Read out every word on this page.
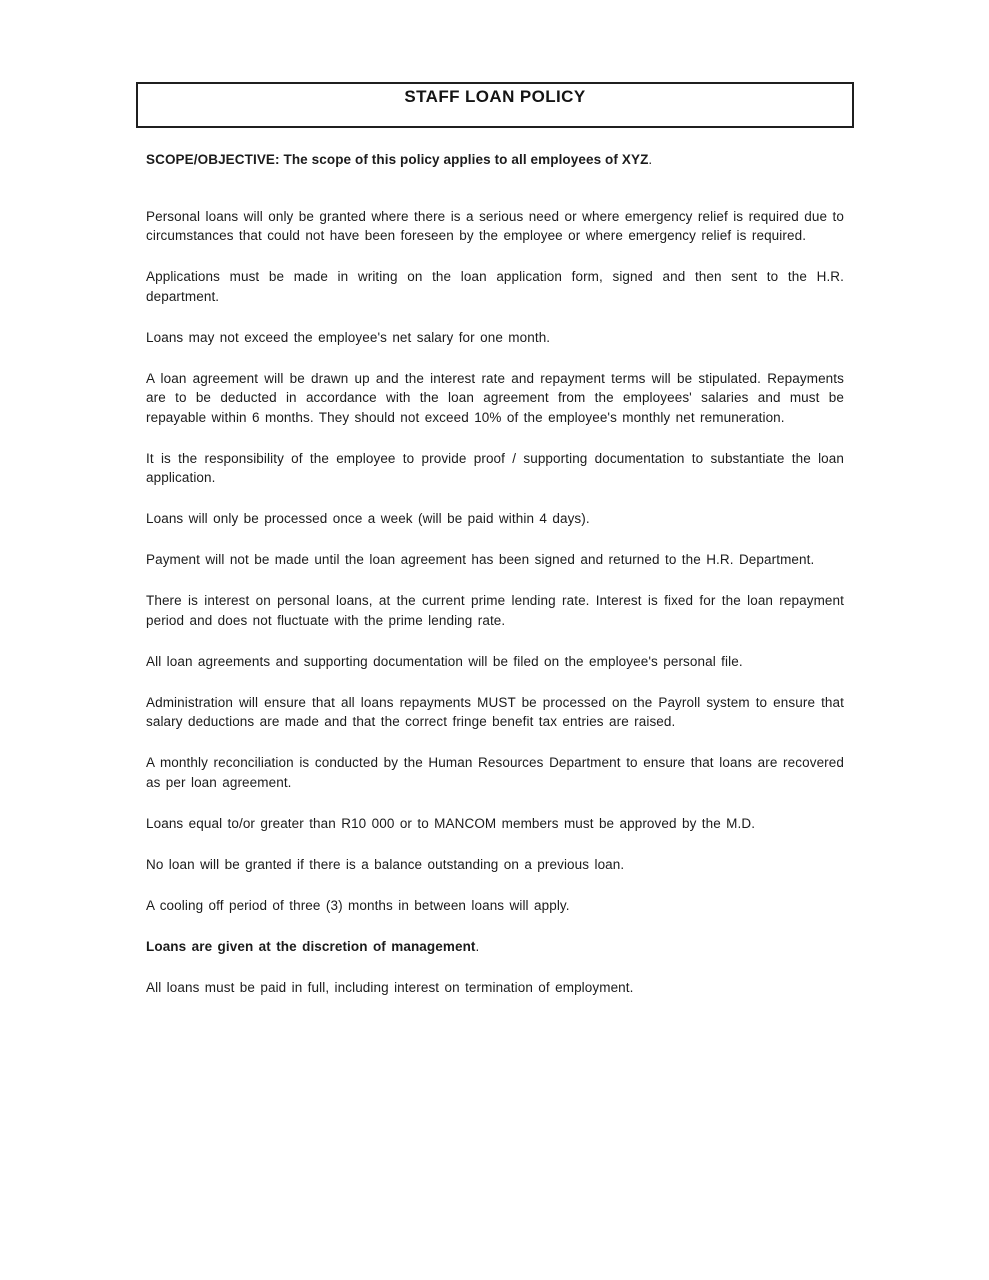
STAFF LOAN POLICY
SCOPE/OBJECTIVE: The scope of this policy applies to all employees of XYZ.

Personal loans will only be granted where there is a serious need or where emergency relief is required due to circumstances that could not have been foreseen by the employee or where emergency relief is required.

Applications must be made in writing on the loan application form, signed and then sent to the H.R. department.

Loans may not exceed the employee's net salary for one month.

A loan agreement will be drawn up and the interest rate and repayment terms will be stipulated. Repayments are to be deducted in accordance with the loan agreement from the employees' salaries and must be repayable within 6 months. They should not exceed 10% of the employee's monthly net remuneration.

It is the responsibility of the employee to provide proof / supporting documentation to substantiate the loan application.

Loans will only be processed once a week (will be paid within 4 days).

Payment will not be made until the loan agreement has been signed and returned to the H.R. Department.

There is interest on personal loans, at the current prime lending rate. Interest is fixed for the loan repayment period and does not fluctuate with the prime lending rate.

All loan agreements and supporting documentation will be filed on the employee's personal file.

Administration will ensure that all loans repayments MUST be processed on the Payroll system to ensure that salary deductions are made and that the correct fringe benefit tax entries are raised.

A monthly reconciliation is conducted by the Human Resources Department to ensure that loans are recovered as per loan agreement.

Loans equal to/or greater than R10 000 or to MANCOM members must be approved by the M.D.

No loan will be granted if there is a balance outstanding on a previous loan.

A cooling off period of three (3) months in between loans will apply.

Loans are given at the discretion of management.

All loans must be paid in full, including interest on termination of employment.
